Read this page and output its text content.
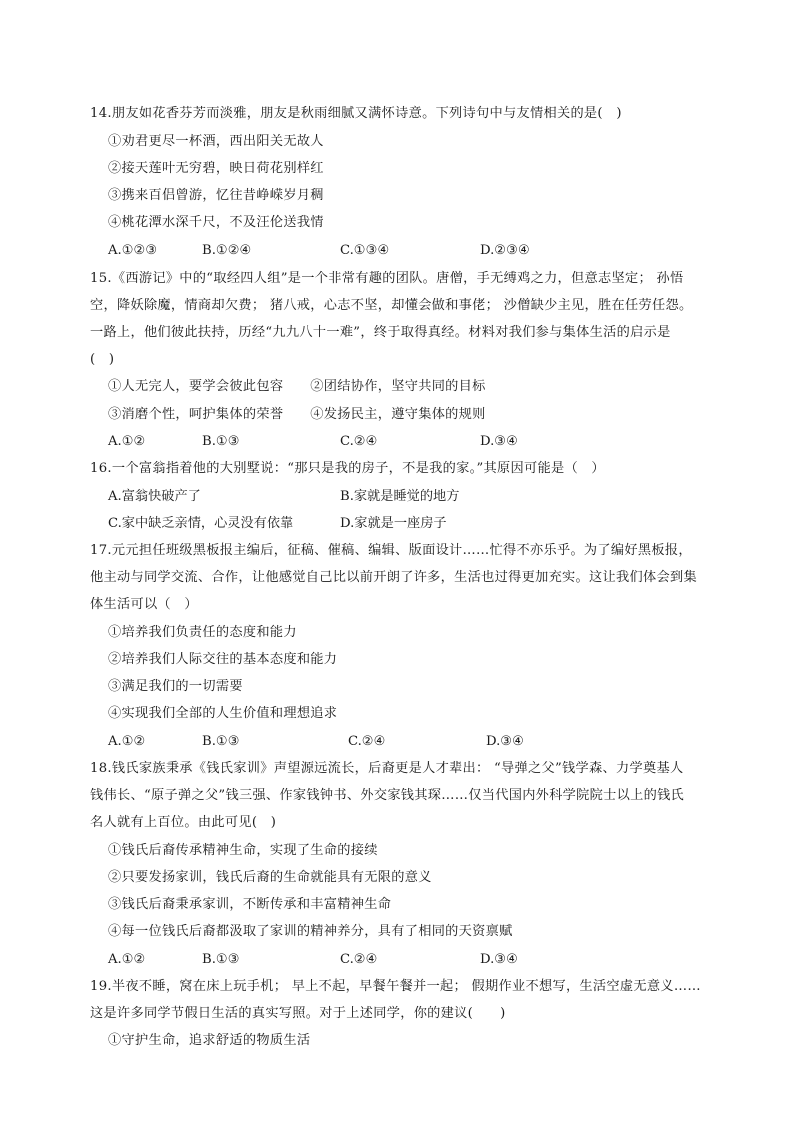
14.朋友如花香芬芳而淡雅，朋友是秋雨细腻又满怀诗意。下列诗句中与友情相关的是(　)
①劝君更尽一杯酒，西出阳关无故人
②接天莲叶无穷碧，映日荷花别样红
③携来百侣曾游，忆往昔峥嵘岁月稠
④桃花潭水深千尺，不及汪伦送我情
A.①②③	B.①②④	C.①③④	D.②③④
15.《西游记》中的“取经四人组”是一个非常有趣的团队。唐僧，手无缚鸡之力，但意志坚定； 孙悟
空，降妖除魔，情商却欠费； 猪八戒，心志不坚，却懂会做和事佬； 沙僧缺少主见，胜在任劳任怨。
一路上，他们彼此扶持，历经“九九八十一难”，终于取得真经。材料对我们参与集体生活的启示是
(　)
①人无完人，要学会彼此包容　　②团结协作，坚守共同的目标
③消磨个性，呵护集体的荣誉　　④发扬民主，遵守集体的规则
A.①②	B.①③	C.②④	D.③④
16.一个富翁指着他的大别墅说：“那只是我的房子，不是我的家。”其原因可能是（　）
A.富翁快破产了	B.家就是睡觉的地方
C.家中缺乏亲情，心灵没有依靠	D.家就是一座房子
17.元元担任班级黑板报主编后，征稿、催稿、编辑、版面设计……忙得不亦乐乎。为了编好黑板报，
他主动与同学交流、合作，让他感觉自己比以前开朗了许多，生活也过得更加充实。这让我们体会到集
体生活可以（　）
①培养我们负责任的态度和能力
②培养我们人际交往的基本态度和能力
③满足我们的一切需要
④实现我们全部的人生价值和理想追求
A.①②	B.①③	C.②④	D.③④
18.钱氏家族秉承《钱氏家训》声望源远流长，后裔更是人才辈出： “导弹之父”钱学森、力学奠基人
钱伟长、“原子弹之父”钱三强、作家钱钟书、外交家钱其琛……仅当代国内外科学院院士以上的钱氏
名人就有上百位。由此可见(　)
①钱氏后裔传承精神生命，实现了生命的接续
②只要发扬家训，钱氏后裔的生命就能具有无限的意义
③钱氏后裔秉承家训，不断传承和丰富精神生命
④每一位钱氏后裔都汲取了家训的精神养分，具有了相同的天资禀赋
A.①②	B.①③	C.②④	D.③④
19.半夜不睡，窝在床上玩手机； 早上不起，早餐午餐并一起； 假期作业不想写，生活空虚无意义……
这是许多同学节假日生活的真实写照。对于上述同学，你的建议(　　)
①守护生命，追求舒适的物质生活
